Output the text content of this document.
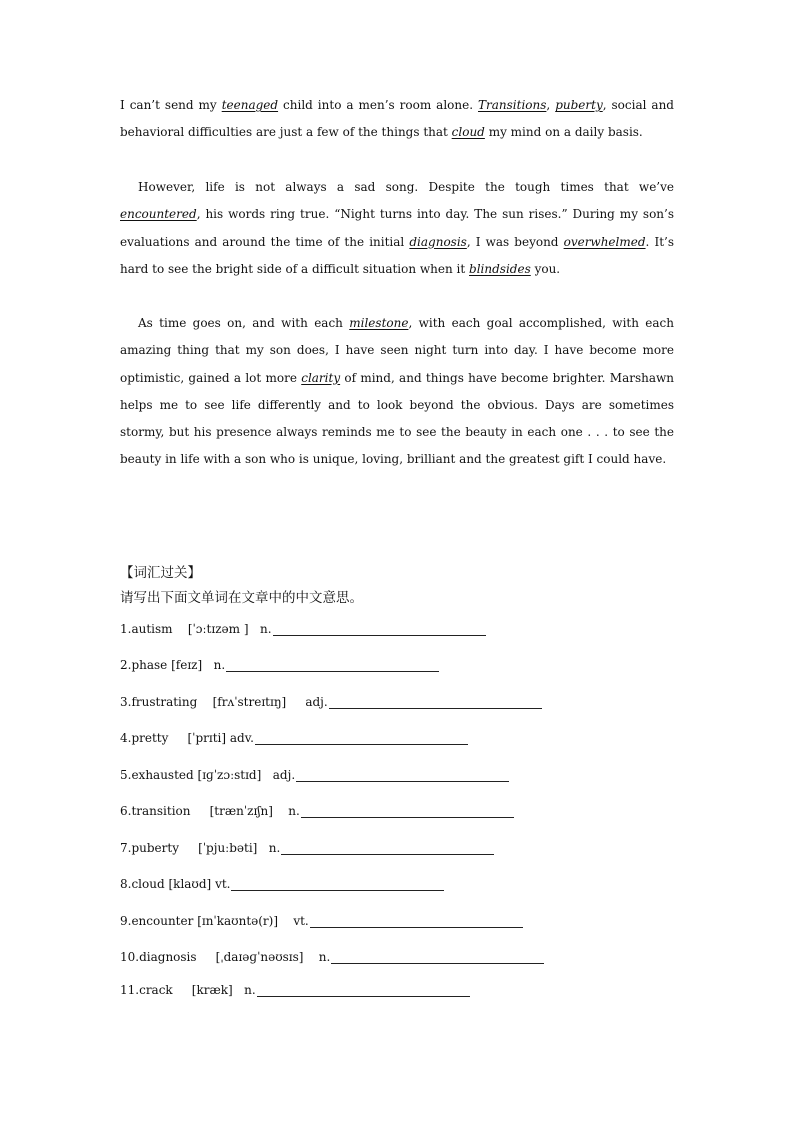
I can’t send my teenaged child into a men’s room alone. Transitions, puberty, social and behavioral difficulties are just a few of the things that cloud my mind on a daily basis.

However, life is not always a sad song. Despite the tough times that we’ve encountered, his words ring true. “Night turns into day. The sun rises.” During my son’s evaluations and around the time of the initial diagnosis, I was beyond overwhelmed. It’s hard to see the bright side of a difficult situation when it blindsides you.

As time goes on, and with each milestone, with each goal accomplished, with each amazing thing that my son does, I have seen night turn into day. I have become more optimistic, gained a lot more clarity of mind, and things have become brighter. Marshawn helps me to see life differently and to look beyond the obvious. Days are sometimes stormy, but his presence always reminds me to see the beauty in each one . . . to see the beauty in life with a son who is unique, loving, brilliant and the greatest gift I could have.

【词汇过关】
请写出下面文单词在文章中的中文意思。
1. autism
[ˈɔːtɪzəm ]
n.
2. phase
[feɪz]
n.
3. frustrating
[frʌˈstreɪtɪŋ]
adj.
4. pretty
[ˈprɪti]
adv.
5. exhausted
[ɪɡˈzɔːstɪd]
adj.
6. transition
[trænˈzɪʃn]
n.
7. puberty
[ˈpjuːbəti]
n.
8. cloud
[klaʊd]
vt.
9. encounter
[ɪnˈkaʊntə(r)]
vt.
10. diagnosis
[ˌdaɪəɡˈnəʊsɪs]
n.
11. crack
[kræk]
n.
